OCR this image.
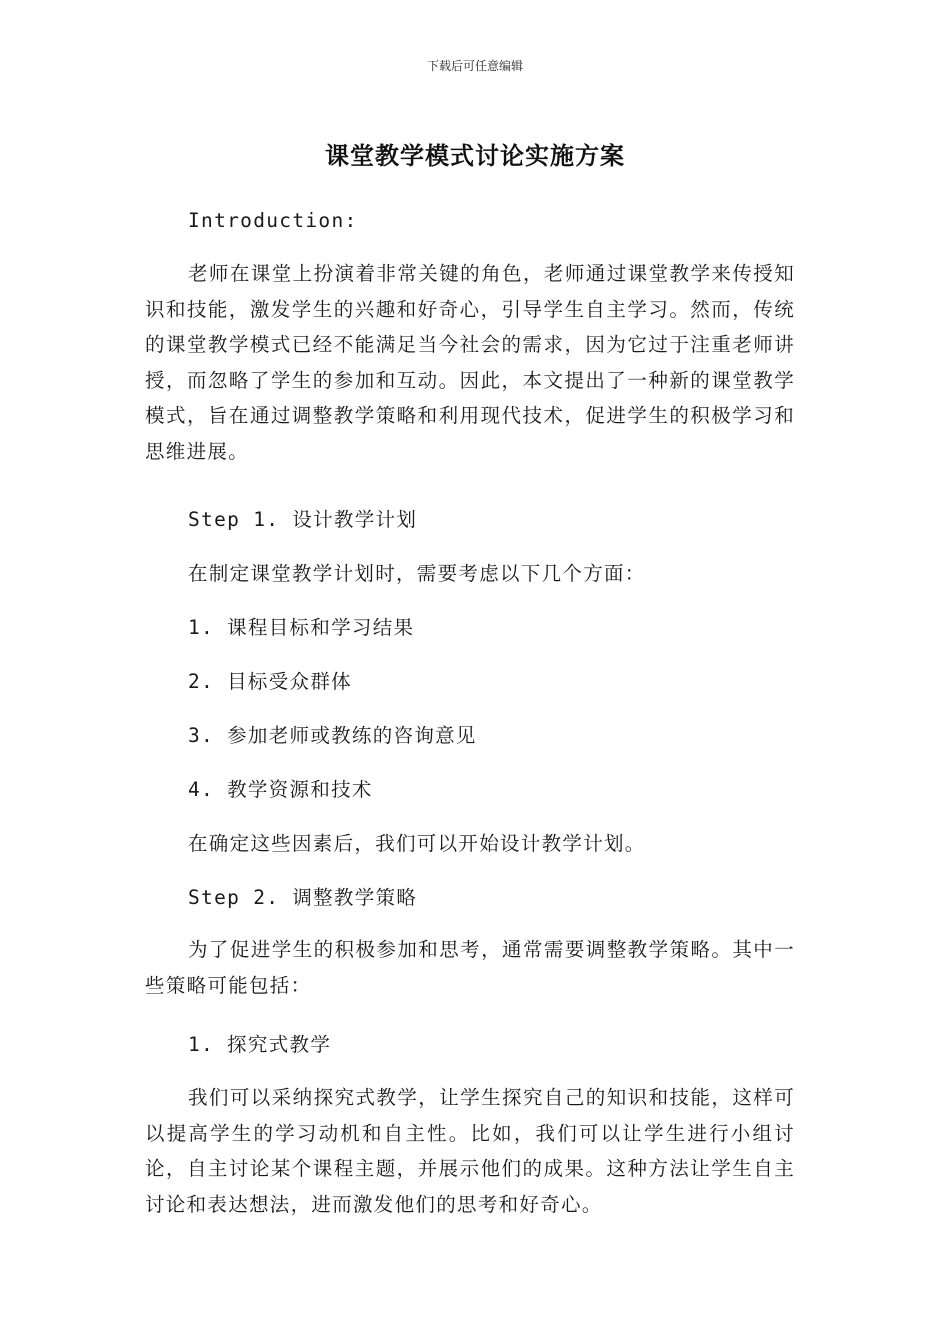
下载后可任意编辑
课堂教学模式讨论实施方案

Introduction:

老师在课堂上扮演着非常关键的角色，老师通过课堂教学来传授知识和技能，激发学生的兴趣和好奇心，引导学生自主学习。然而，传统的课堂教学模式已经不能满足当今社会的需求，因为它过于注重老师讲授，而忽略了学生的参加和互动。因此，本文提出了一种新的课堂教学模式，旨在通过调整教学策略和利用现代技术，促进学生的积极学习和思维进展。

Step 1. 设计教学计划

在制定课堂教学计划时，需要考虑以下几个方面：

1. 课程目标和学习结果

2. 目标受众群体

3. 参加老师或教练的咨询意见

4. 教学资源和技术

在确定这些因素后，我们可以开始设计教学计划。

Step 2. 调整教学策略

为了促进学生的积极参加和思考，通常需要调整教学策略。其中一些策略可能包括：

1. 探究式教学

我们可以采纳探究式教学，让学生探究自己的知识和技能，这样可以提高学生的学习动机和自主性。比如，我们可以让学生进行小组讨论，自主讨论某个课程主题，并展示他们的成果。这种方法让学生自主讨论和表达想法，进而激发他们的思考和好奇心。
